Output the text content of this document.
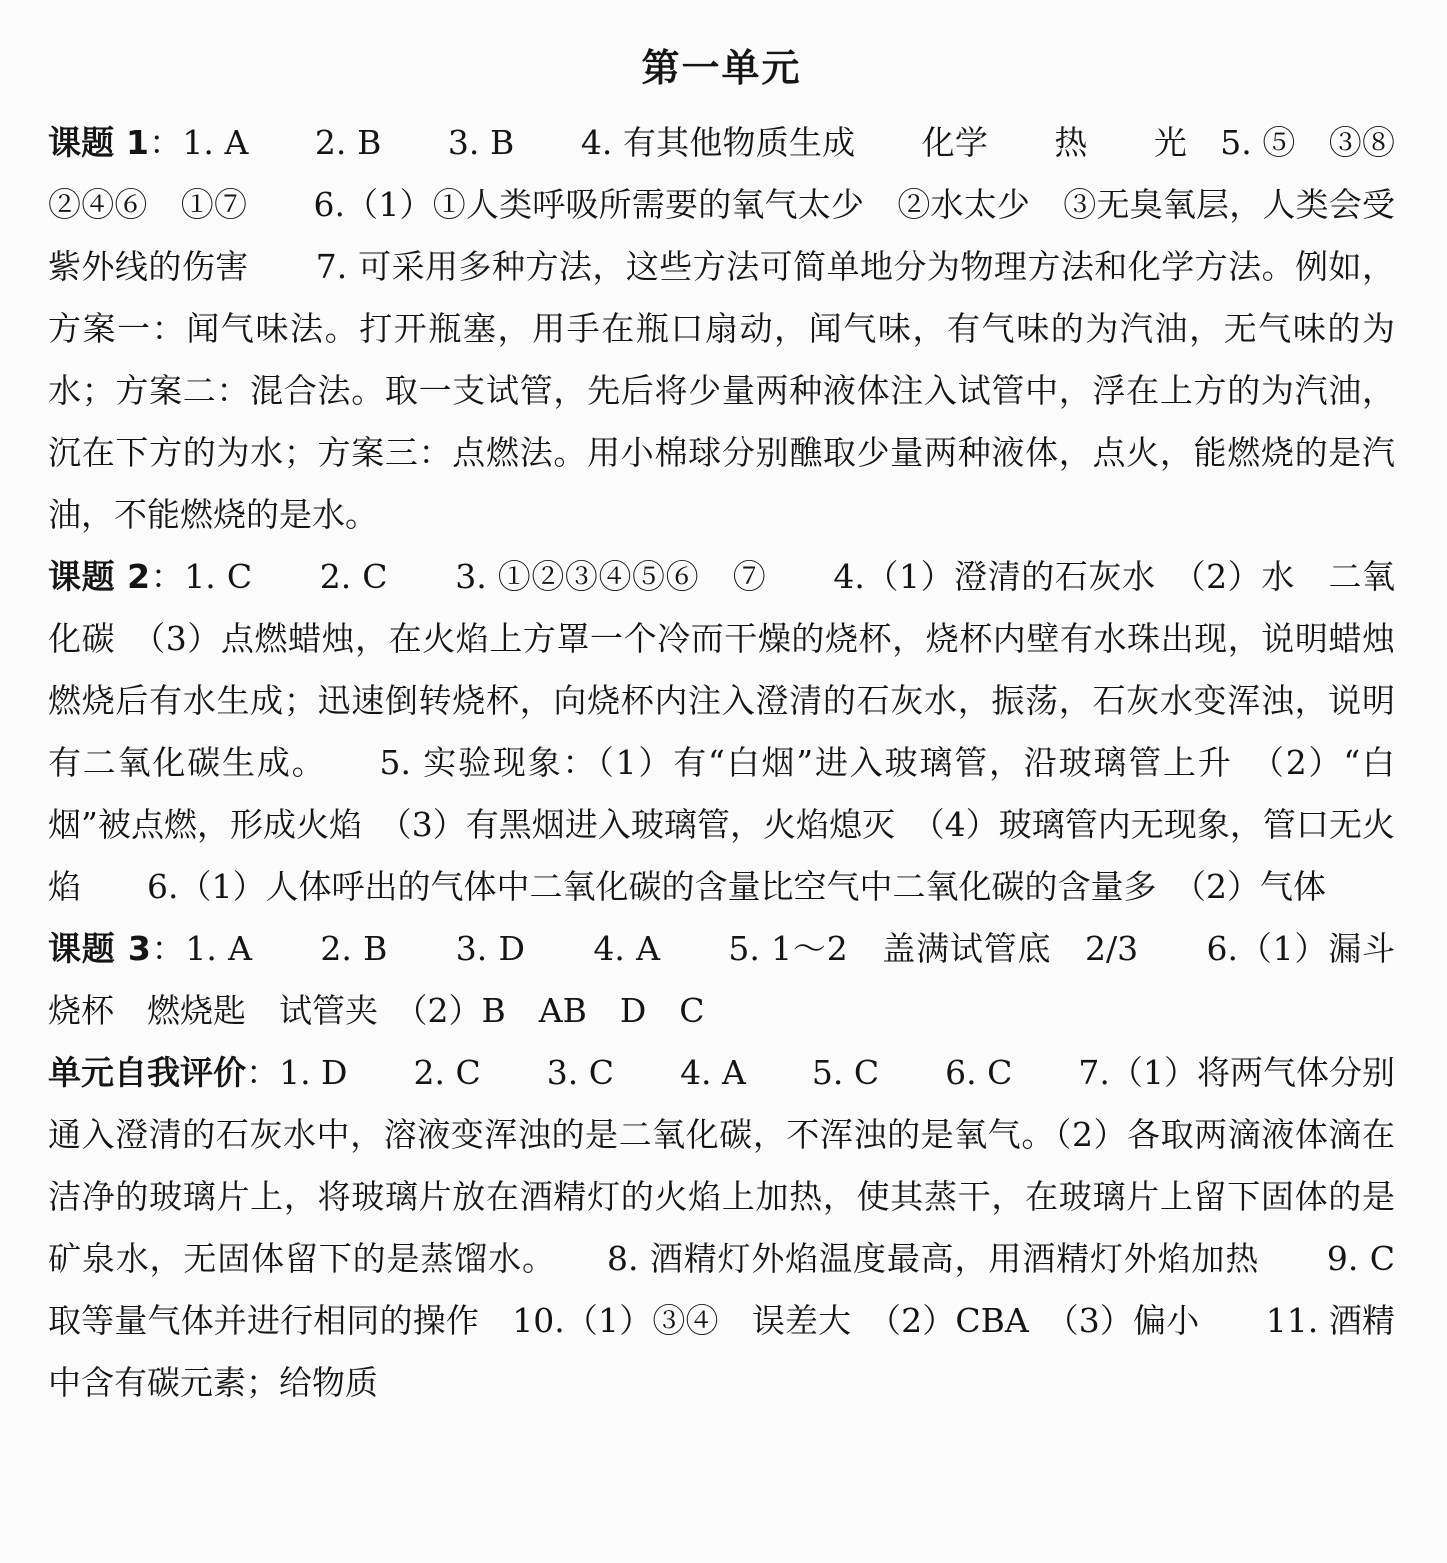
第一单元

课题 1：1. A　　2. B　　3. B　　4. 有其他物质生成　　化学　　热　　光　5. ⑤　③⑧　②④⑥　①⑦　　6.（1）①人类呼吸所需要的氧气太少　②水太少　③无臭氧层，人类会受紫外线的伤害　　7. 可采用多种方法，这些方法可简单地分为物理方法和化学方法。例如，方案一：闻气味法。打开瓶塞，用手在瓶口扇动，闻气味，有气味的为汽油，无气味的为水；方案二：混合法。取一支试管，先后将少量两种液体注入试管中，浮在上方的为汽油，沉在下方的为水；方案三：点燃法。用小棉球分别醮取少量两种液体，点火，能燃烧的是汽油，不能燃烧的是水。

课题 2：1. C　　2. C　　3. ①②③④⑤⑥　⑦　　4.（1）澄清的石灰水　（2）水　二氧化碳　（3）点燃蜡烛，在火焰上方罩一个冷而干燥的烧杯，烧杯内壁有水珠出现，说明蜡烛燃烧后有水生成；迅速倒转烧杯，向烧杯内注入澄清的石灰水，振荡，石灰水变浑浊，说明有二氧化碳生成。　　5. 实验现象：（1）有“白烟”进入玻璃管，沿玻璃管上升　（2）“白烟”被点燃，形成火焰　（3）有黑烟进入玻璃管，火焰熄灭　（4）玻璃管内无现象，管口无火焰　　6.（1）人体呼出的气体中二氧化碳的含量比空气中二氧化碳的含量多　（2）气体

课题 3：1. A　　2. B　　3. D　　4. A　　5. 1～2　盖满试管底　2/3　　6.（1）漏斗　烧杯　燃烧匙　试管夹　（2）B　AB　D　C

单元自我评价：1. D　　2. C　　3. C　　4. A　　5. C　　6. C　　7.（1）将两气体分别通入澄清的石灰水中，溶液变浑浊的是二氧化碳，不浑浊的是氧气。（2）各取两滴液体滴在洁净的玻璃片上，将玻璃片放在酒精灯的火焰上加热，使其蒸干，在玻璃片上留下固体的是矿泉水，无固体留下的是蒸馏水。　　8. 酒精灯外焰温度最高，用酒精灯外焰加热　　9. C　取等量气体并进行相同的操作　10.（1）③④　误差大　（2）CBA　（3）偏小　　11. 酒精中含有碳元素；给物质
